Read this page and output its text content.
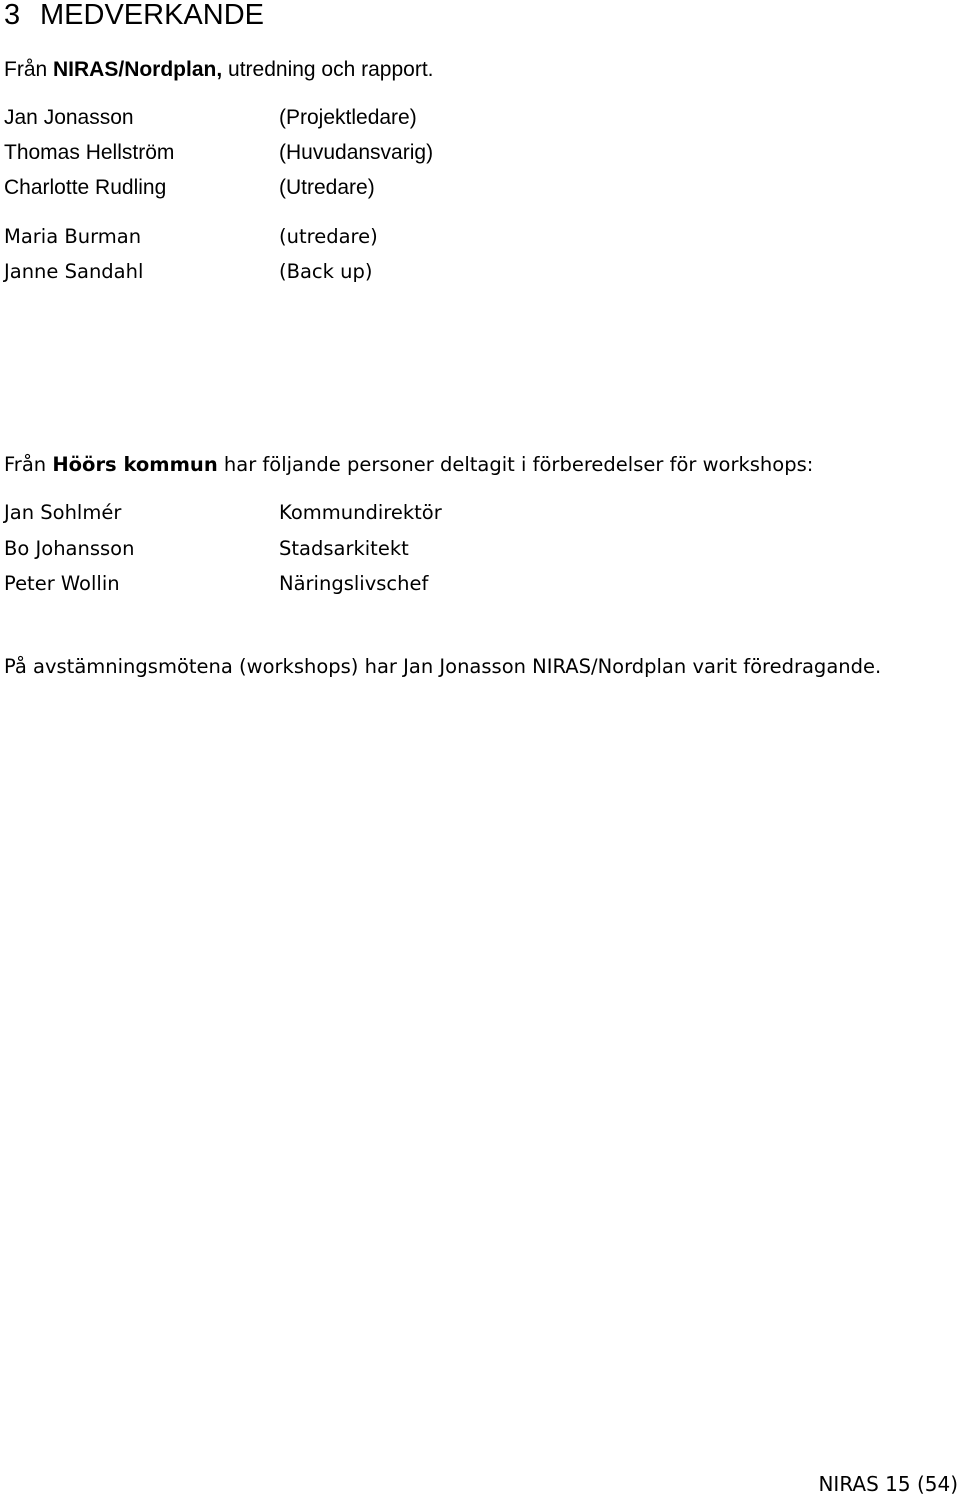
3 MEDVERKANDE
Från NIRAS/Nordplan, utredning och rapport.
Jan Jonasson	(Projektledare)
Thomas Hellström	(Huvudansvarig)
Charlotte Rudling	(Utredare)
Maria Burman	(utredare)
Janne Sandahl	(Back up)
Från Höörs kommun har följande personer deltagit i förberedelser för workshops:
Jan Sohlmér	Kommundirektör
Bo Johansson	Stadsarkitekt
Peter Wollin	Näringslivschef
På avstämningsmötena (workshops) har Jan Jonasson NIRAS/Nordplan varit föredragande.
NIRAS 15 (54)
